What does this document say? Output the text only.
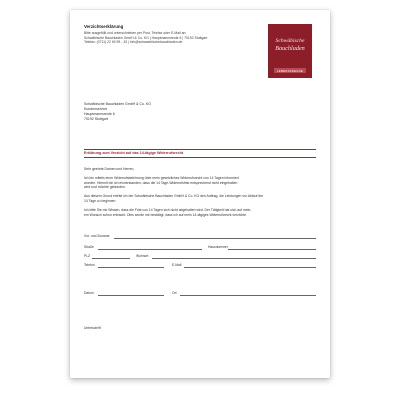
Verzichtserklärung
Bitte ausgefüllt und unterschrieben per Post, Telefax oder E-Mail an:
Schwäbische Bauchladen GmbH & Co. KG | Hauptmannsreute 6 | 70192 Stuttgart
Telefax: (0711) 22 60 99 - 33 | info@schwaebischebauchladen.de	Schwäbische
Bauchladen
LEBENSFREUDE
Schwäbische Bauchladen GmbH & Co. KG
Kundenservice
Hauptmannsreute 6
70192 Stuttgart
Erklärung zum Verzicht auf das 14-tägige Widerrufsrecht
Sehr geehrte Damen und Herren,
Ich bin mittels einer Widerrufsbelehrung über mein gesetzliches Widerrufsrecht von 14 Tagen informiert
worden. Hiermit bin ich einverstanden, dass die 14 Tage-Widerrufsfrist entsprechend nicht eingehalten
wird und möchte gebunden.
Aus diesem Grund erteile ich der Schwäbische Bauchladen GmbH & Co. KG den Auftrag, die Leistungen vor Ablauf der
14 Tage zu beginnen.
Ich bitte Sie mir Wissen, dass die Frist von 14 Tagen sich nicht abgehalten wird. Der Tätigkeit hat sich auf mein-
em Wunsch schon erbracht. Dies wurde mir bestätigt, dass ich auf mein 14-tägiges Widerrufsrecht verzichte.
Vor- und Zuname
Straße	Hausnummer
PLZ	Wohnort
Telefon	E-Mail
Datum	Ort
Unterschrift
